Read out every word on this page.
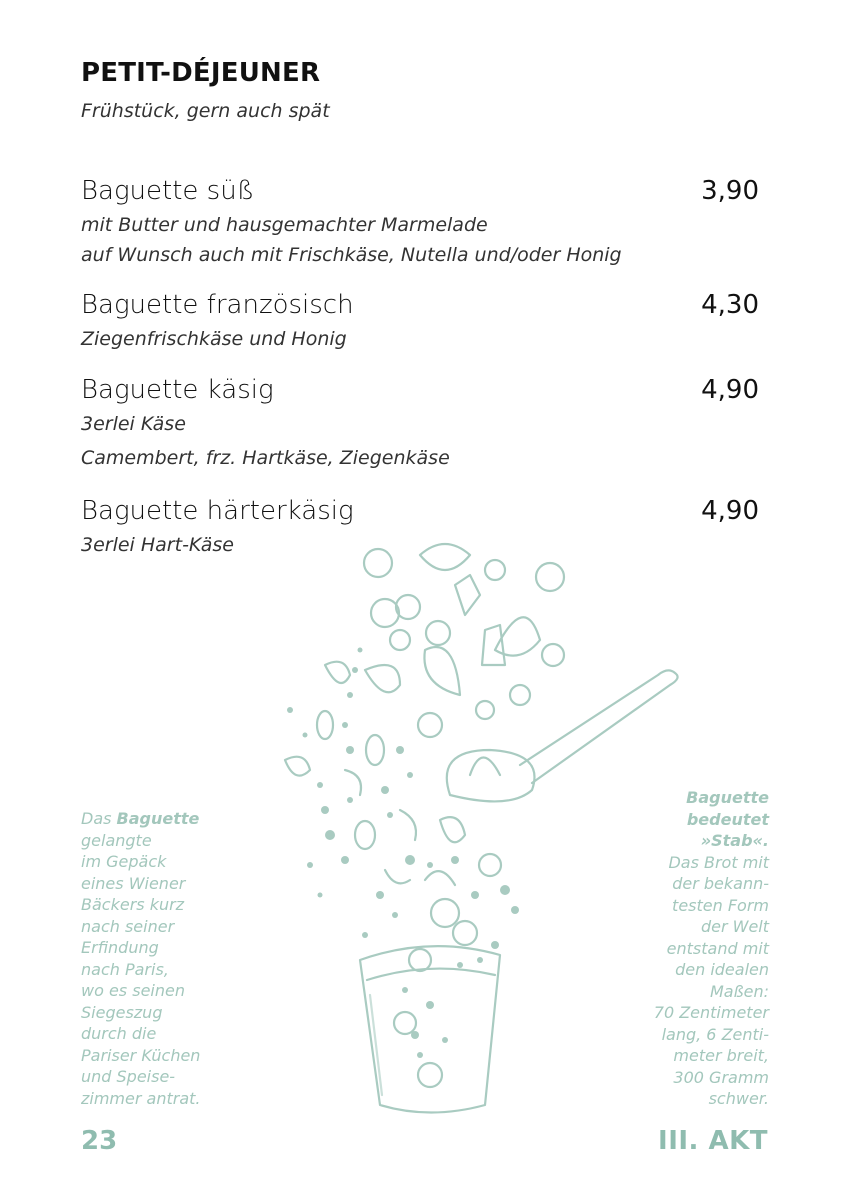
PETIT-DÉJEUNER
Frühstück, gern auch spät
Baguette süß	3,90
mit Butter und hausgemachter Marmelade
auf Wunsch auch mit Frischkäse, Nutella und/oder Honig
Baguette französisch	4,30
Ziegenfrischkäse und Honig
Baguette käsig	4,90
3erlei Käse
Camembert, frz. Hartkäse, Ziegenkäse
Baguette härterkäsig	4,90
3erlei Hart-Käse
Das Baguette
gelangte
im Gepäck
eines Wiener
Bäckers kurz
nach seiner
Erfindung
nach Paris,
wo es seinen
Siegeszug
durch die
Pariser Küchen
und Speise-
zimmer antrat.
Baguette
bedeutet
»Stab«.
Das Brot mit
der bekann-
testen Form
der Welt
entstand mit
den idealen
Maßen:
70 Zentimeter
lang, 6 Zenti-
meter breit,
300 Gramm
schwer.
23	III. AKT
